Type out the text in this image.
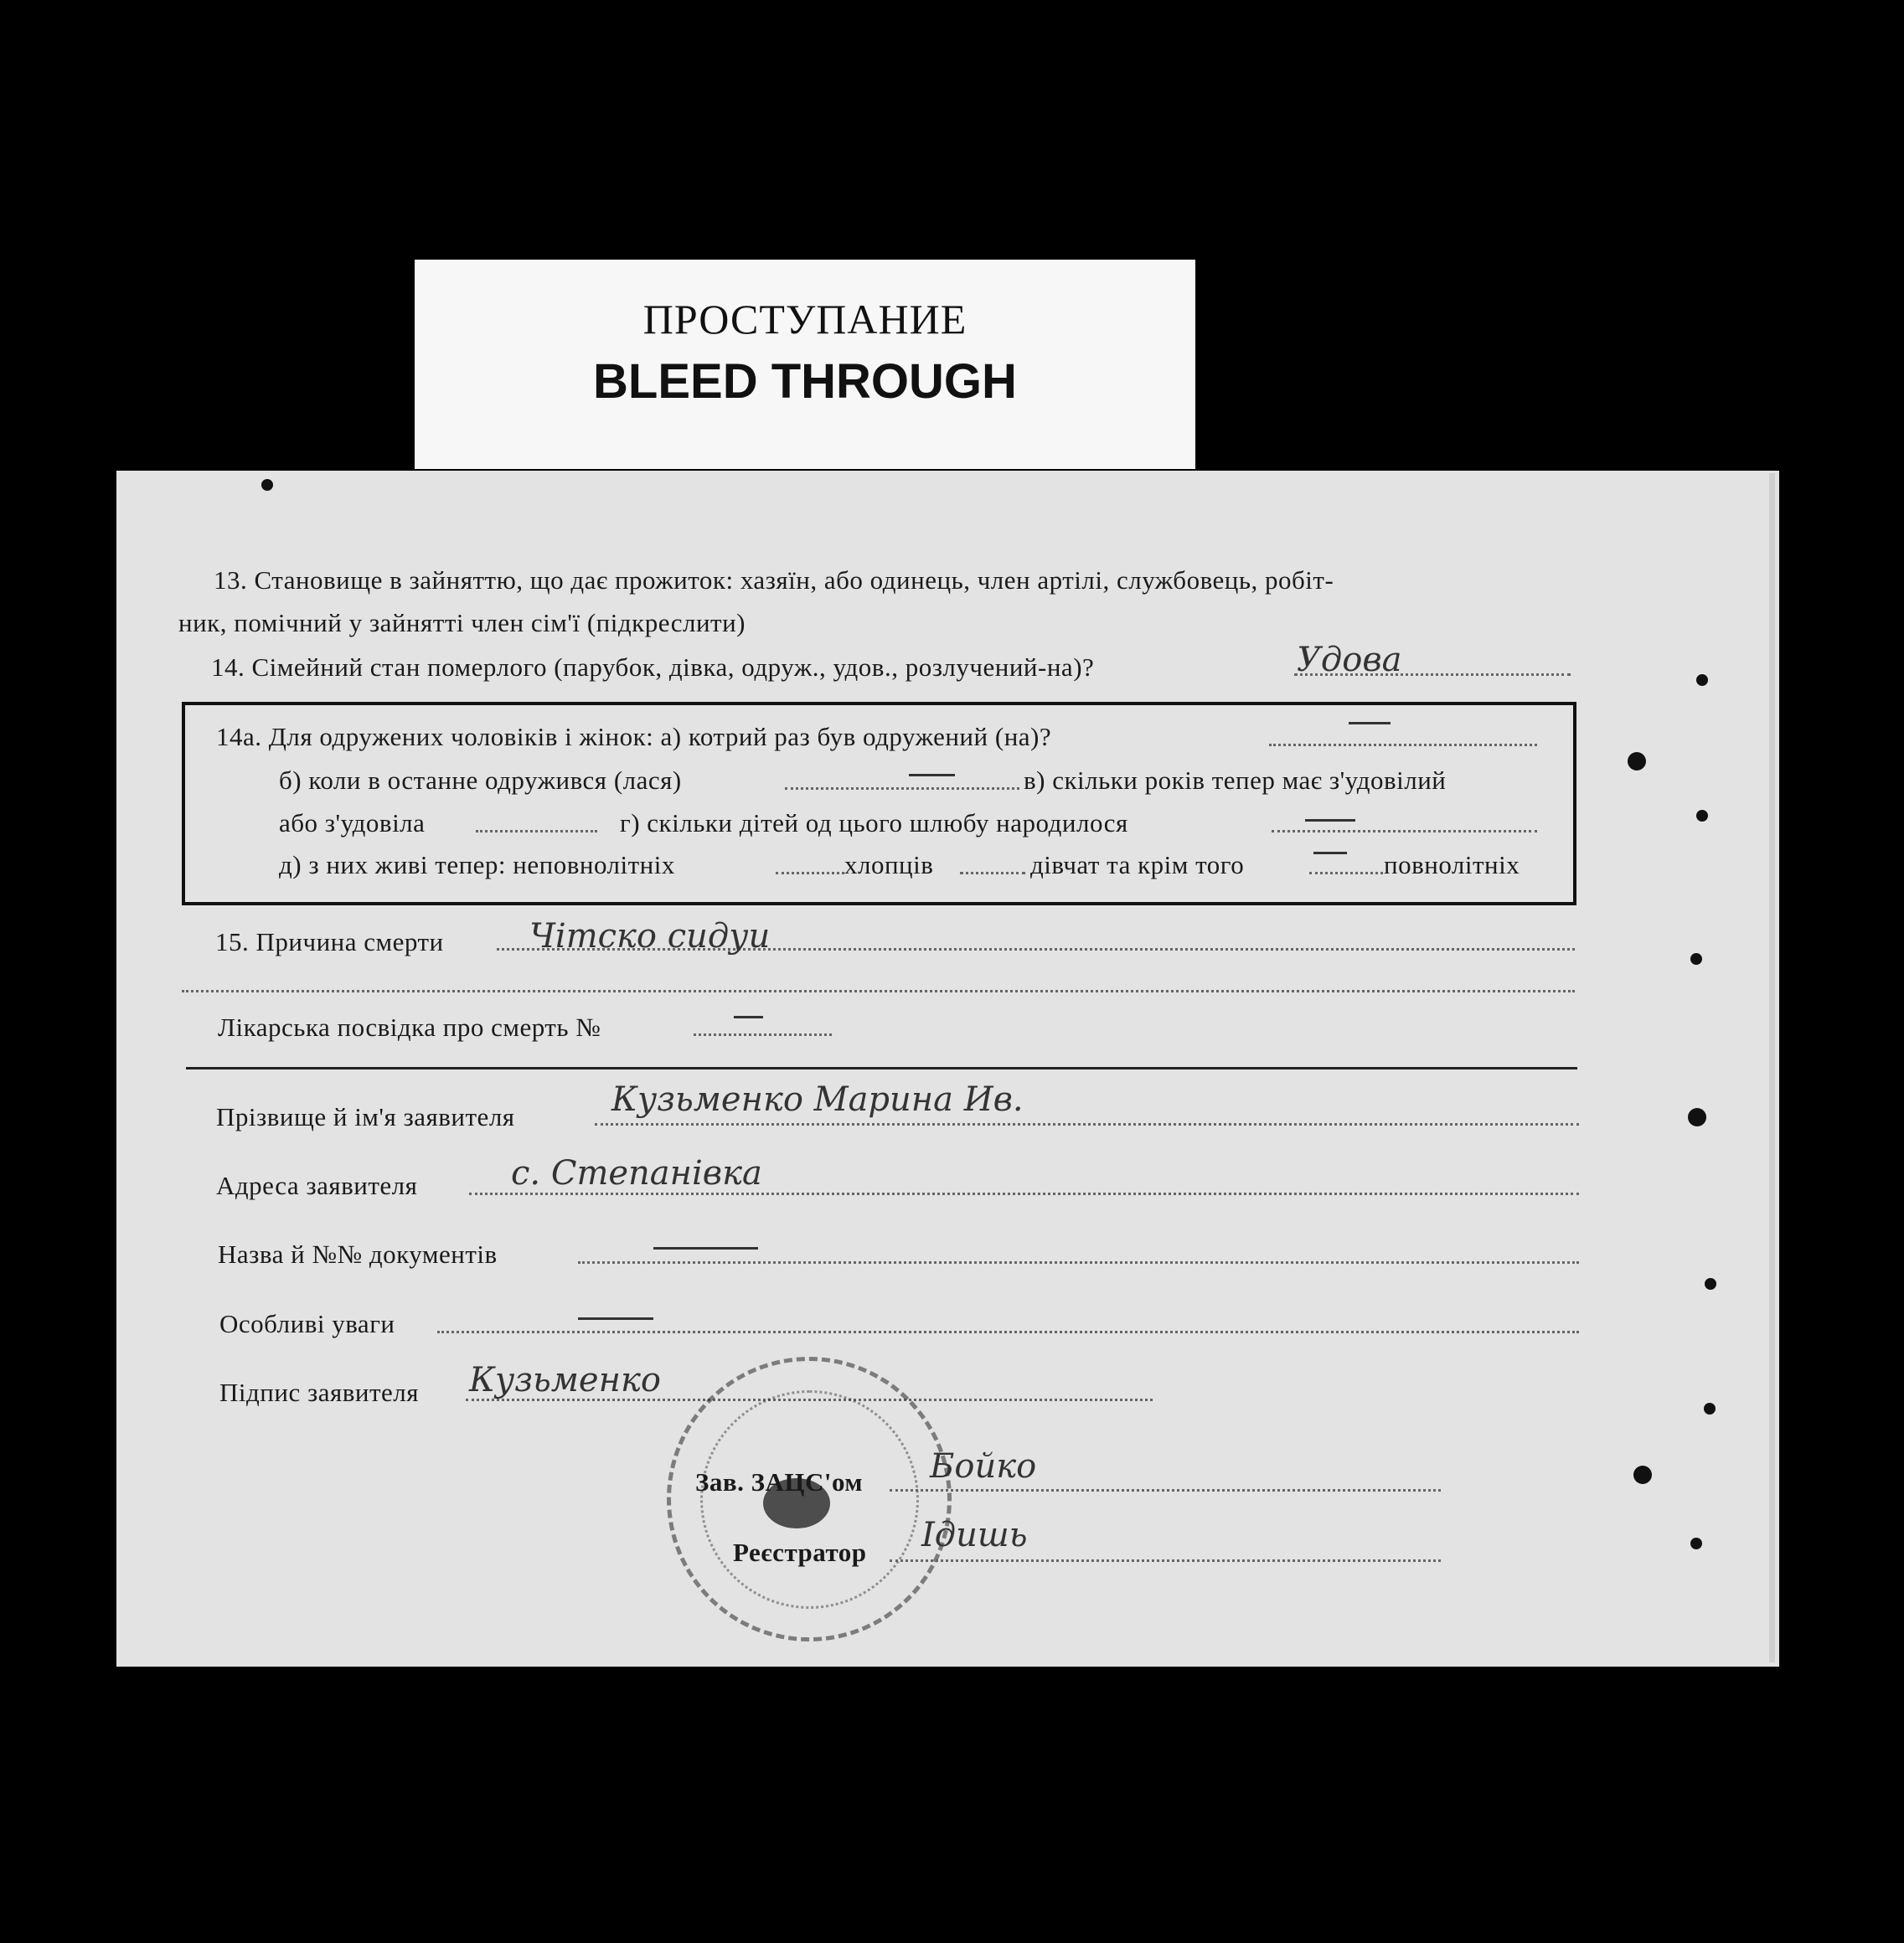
ПРОСТУПАНИЕ
BLEED THROUGH
13. Становище в зайняттю, що дає прожиток: хазяїн, або одинець, член артілі, службовець, робіт-
ник, помічний у зайнятті член сім'ї (підкреслити)
14. Сімейний стан померлого (парубок, дівка, одруж., удов., розлучений-на)?	Удова
14а. Для одружених чоловіків і жінок: а) котрий раз був одружений (на)?
б) коли в останне одружився (лася)	в) скільки років тепер має з'удовілий
або з'удовіла	г) скільки дітей од цього шлюбу народилося
д) з них живі тепер: неповнолітніх	хлопців	дівчат та крім того	повнолітніх
15. Причина смерти	Чітско сидуи
Лікарська посвідка про смерть №
Прізвище й ім'я заявителя	Кузьменко Марина Ив.
Адреса заявителя	с. Степанівка
Назва й №№ документів
Особливі уваги
Підпис заявителя Кузьменко
Зав. ЗАЦС'ом Бойко
Реєстратор Ідишь
